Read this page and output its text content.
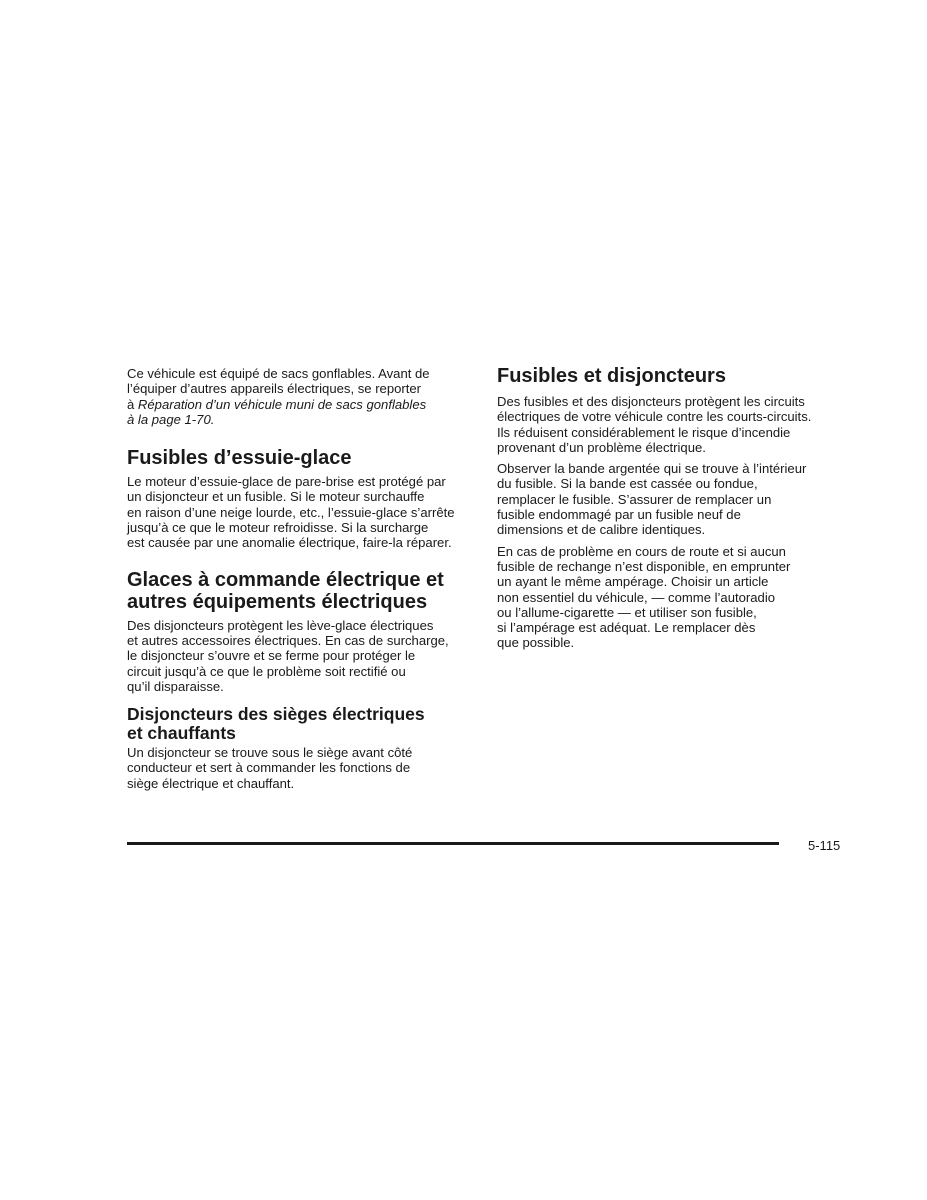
Ce véhicule est équipé de sacs gonflables. Avant de
l’équiper d’autres appareils électriques, se reporter
à Réparation d’un véhicule muni de sacs gonflables
à la page 1-70.

Fusibles d’essuie-glace

Le moteur d’essuie-glace de pare-brise est protégé par
un disjoncteur et un fusible. Si le moteur surchauffe
en raison d’une neige lourde, etc., l’essuie-glace s’arrête
jusqu’à ce que le moteur refroidisse. Si la surcharge
est causée par une anomalie électrique, faire-la réparer.

Glaces à commande électrique et
autres équipements électriques

Des disjoncteurs protègent les lève-glace électriques
et autres accessoires électriques. En cas de surcharge,
le disjoncteur s’ouvre et se ferme pour protéger le
circuit jusqu’à ce que le problème soit rectifié ou
qu’il disparaisse.

Disjoncteurs des sièges électriques
et chauffants

Un disjoncteur se trouve sous le siège avant côté
conducteur et sert à commander les fonctions de
siège électrique et chauffant.

Fusibles et disjoncteurs

Des fusibles et des disjoncteurs protègent les circuits
électriques de votre véhicule contre les courts-circuits.
Ils réduisent considérablement le risque d’incendie
provenant d’un problème électrique.

Observer la bande argentée qui se trouve à l’intérieur
du fusible. Si la bande est cassée ou fondue,
remplacer le fusible. S’assurer de remplacer un
fusible endommagé par un fusible neuf de
dimensions et de calibre identiques.

En cas de problème en cours de route et si aucun
fusible de rechange n’est disponible, en emprunter
un ayant le même ampérage. Choisir un article
non essentiel du véhicule, — comme l’autoradio
ou l’allume-cigarette — et utiliser son fusible,
si l’ampérage est adéquat. Le remplacer dès
que possible.

5-115
